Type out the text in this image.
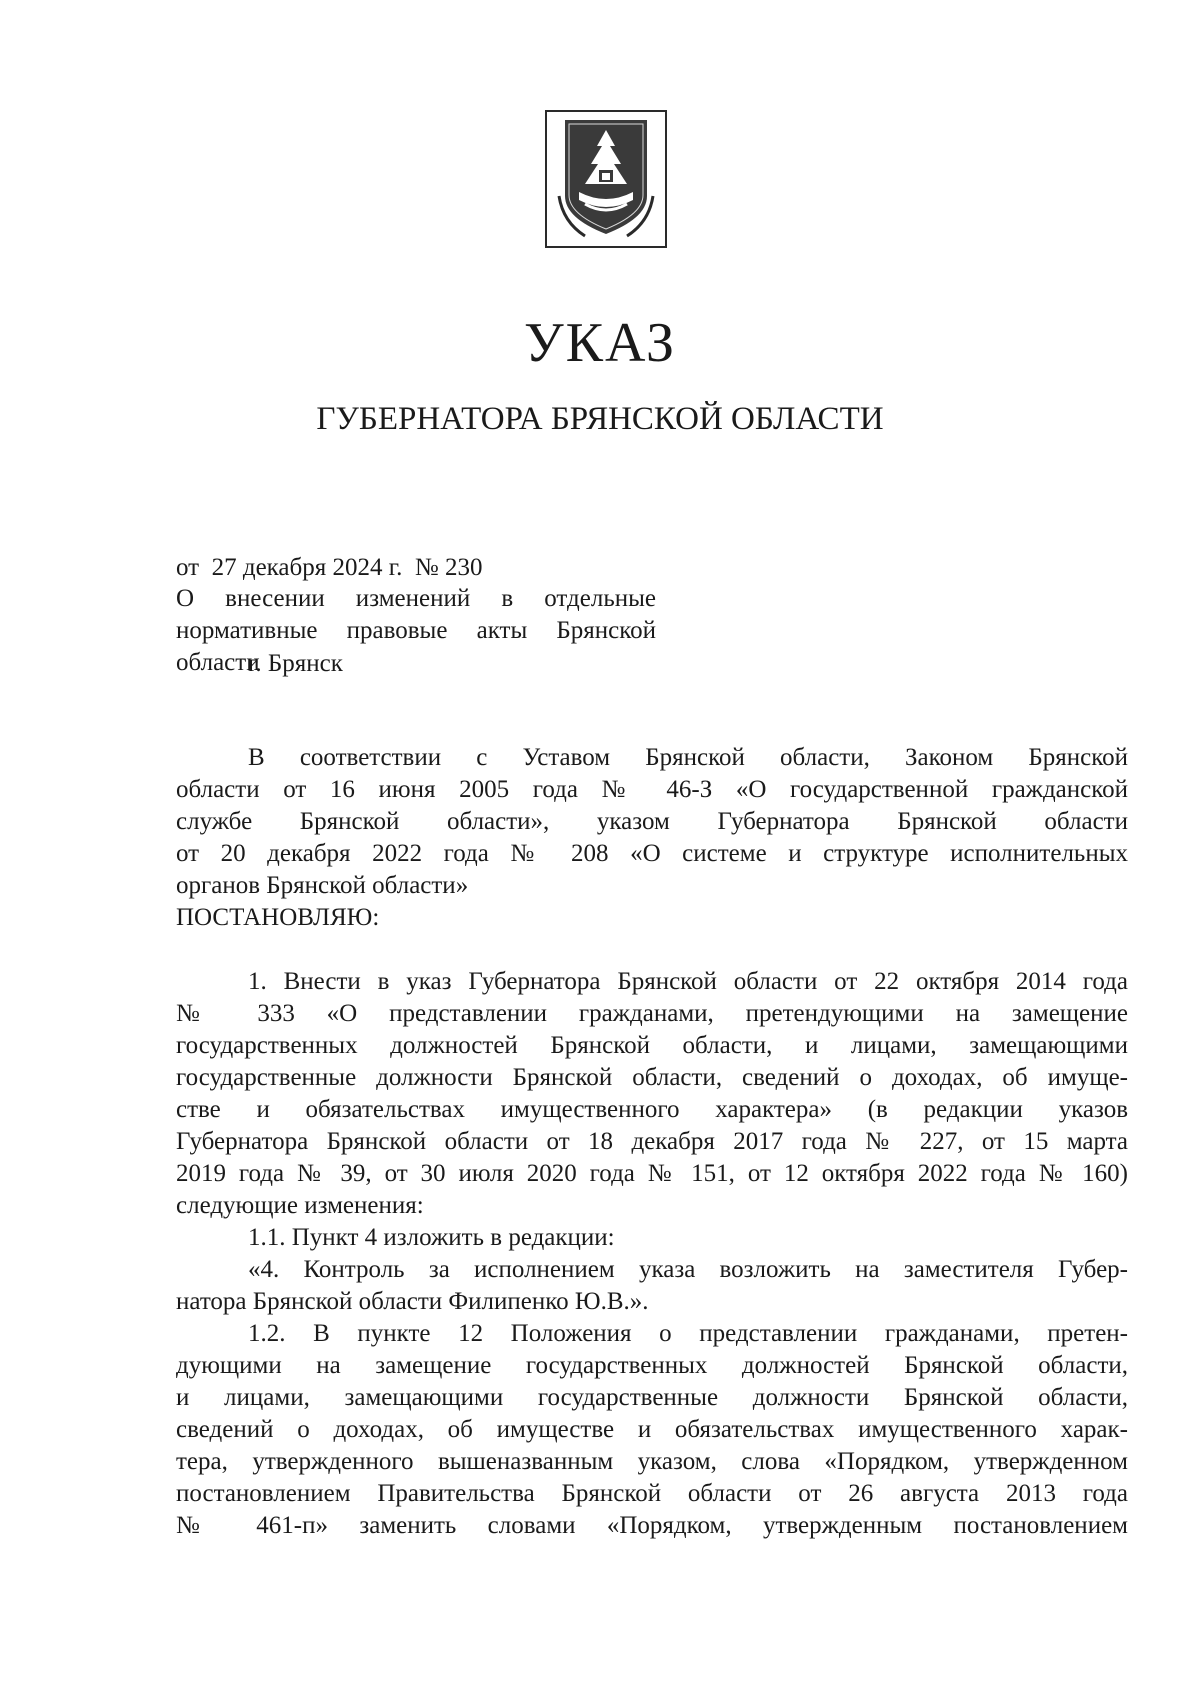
УКАЗ
ГУБЕРНАТОРА БРЯНСКОЙ ОБЛАСТИ

от  27 декабря 2024 г.  № 230

г. Брянск

О внесении изменений в отдельные
нормативные правовые акты Брянской
области
В соответствии с Уставом Брянской области, Законом Брянской
области от 16 июня 2005 года № 46-З «О государственной гражданской
службе Брянской области», указом Губернатора Брянской области
от 20 декабря 2022 года № 208 «О системе и структуре исполнительных
органов Брянской области»
ПОСТАНОВЛЯЮ:
1. Внести в указ Губернатора Брянской области от 22 октября 2014 года
№ 333 «О представлении гражданами, претендующими на замещение
государственных должностей Брянской области, и лицами, замещающими
государственные должности Брянской области, сведений о доходах, об имуще-
стве и обязательствах имущественного характера» (в редакции указов
Губернатора Брянской области от 18 декабря 2017 года № 227, от 15 марта
2019 года № 39, от 30 июля 2020 года № 151, от 12 октября 2022 года № 160)
следующие изменения:
1.1. Пункт 4 изложить в редакции:
«4. Контроль за исполнением указа возложить на заместителя Губер-
натора Брянской области Филипенко Ю.В.».
1.2. В пункте 12 Положения о представлении гражданами, претен-
дующими на замещение государственных должностей Брянской области,
и лицами, замещающими государственные должности Брянской области,
сведений о доходах, об имуществе и обязательствах имущественного харак-
тера, утвержденного вышеназванным указом, слова «Порядком, утвержденном
постановлением Правительства Брянской области от 26 августа 2013 года
№ 461-п» заменить словами «Порядком, утвержденным постановлением
